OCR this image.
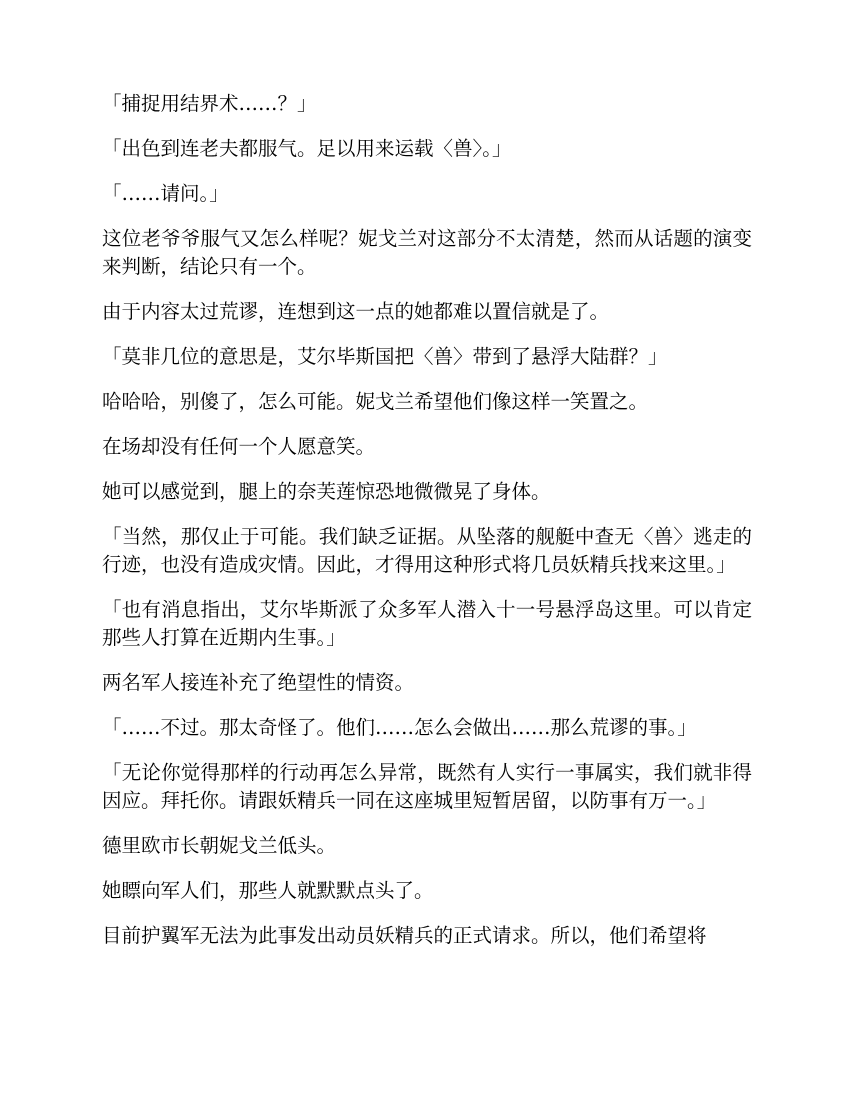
「捕捉用结界术……？」

「出色到连老夫都服气。足以用来运载〈兽〉。」

「……请问。」

这位老爷爷服气又怎么样呢？妮戈兰对这部分不太清楚，然而从话题的演变来判断，结论只有一个。

由于内容太过荒谬，连想到这一点的她都难以置信就是了。

「莫非几位的意思是，艾尔毕斯国把〈兽〉带到了悬浮大陆群？」

哈哈哈，别傻了，怎么可能。妮戈兰希望他们像这样一笑置之。

在场却没有任何一个人愿意笑。

她可以感觉到，腿上的奈芙莲惊恐地微微晃了身体。

「当然，那仅止于可能。我们缺乏证据。从坠落的舰艇中查无〈兽〉逃走的行迹，也没有造成灾情。因此，才得用这种形式将几员妖精兵找来这里。」

「也有消息指出，艾尔毕斯派了众多军人潜入十一号悬浮岛这里。可以肯定那些人打算在近期内生事。」

两名军人接连补充了绝望性的情资。

「……不过。那太奇怪了。他们……怎么会做出……那么荒谬的事。」

「无论你觉得那样的行动再怎么异常，既然有人实行一事属实，我们就非得因应。拜托你。请跟妖精兵一同在这座城里短暂居留，以防事有万一。」

德里欧市长朝妮戈兰低头。

她瞟向军人们，那些人就默默点头了。

目前护翼军无法为此事发出动员妖精兵的正式请求。所以，他们希望将
